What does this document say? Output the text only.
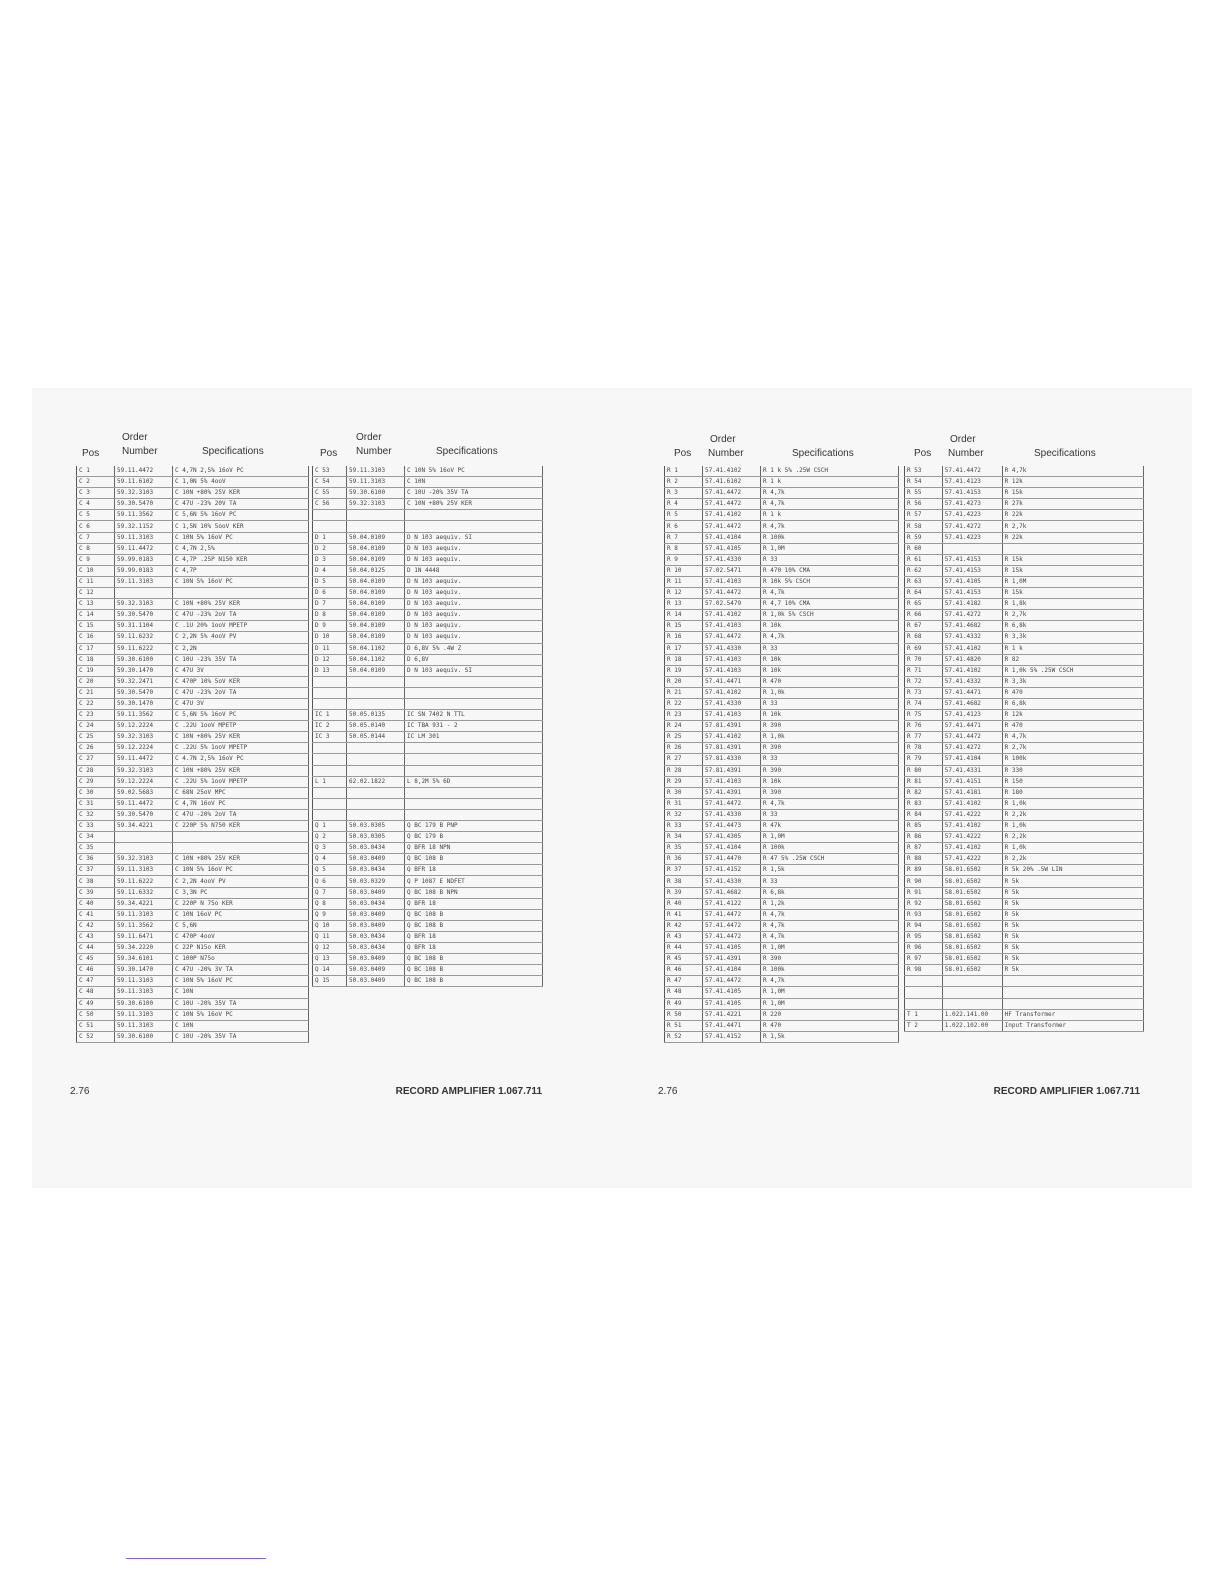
Pos
Order
Number	Specifications	Pos
Order
Number	Specifications
C 1	59.11.4472	C 4,7N 2,5% 16oV PC
C 2	59.11.6102	C 1,0N 5% 4ooV
C 3	59.32.3103	C 10N +80% 25V KER
C 4	59.30.5470	C 47U -23% 20V TA
C 5	59.11.3562	C 5,6N 5% 16oV PC
C 6	59.32.1152	C 1,5N 10% 5ooV KER
C 7	59.11.3103	C 10N 5% 16oV PC
C 8	59.11.4472	C 4,7N 2,5%
C 9	59.99.0183	C 4,7P .25P N150 KER
C 10	59.99.0183	C 4,7P
C 11	59.11.3103	C 10N 5% 16oV PC
C 12		
C 13	59.32.3103	C 10N +80% 25V KER
C 14	59.30.5470	C 47U -23% 2oV TA
C 15	59.31.1104	C .1U 20% 1ooV MPETP
C 16	59.11.6232	C 2,2N 5% 4ooV PV
C 17	59.11.6222	C 2,2N
C 18	59.30.6100	C 10U -23% 35V TA
C 19	59.30.1470	C 47U 3V
C 20	59.32.2471	C 470P 10% 5oV KER
C 21	59.30.5470	C 47U -23% 2oV TA
C 22	59.30.1470	C 47U 3V
C 23	59.11.3562	C 5,6N 5% 16oV PC
C 24	59.12.2224	C .22U 1ooV MPETP
C 25	59.32.3103	C 10N +80% 25V KER
C 26	59.12.2224	C .22U 5% 1ooV MPETP
C 27	59.11.4472	C 4.7N 2,5% 16oV PC
C 28	59.32.3103	C 10N +80% 25V KER
C 29	59.12.2224	C .22U 5% 1ooV MPETP
C 30	59.02.5683	C 68N 25oV MPC
C 31	59.11.4472	C 4,7N 16oV PC
C 32	59.30.5470	C 47U -20% 2oV TA
C 33	59.34.4221	C 220P 5% N750 KER
C 34		
C 35		
C 36	59.32.3103	C 10N +80% 25V KER
C 37	59.11.3103	C 10N 5% 16oV PC
C 38	59.11.6222	C 2,2N 4ooV PV
C 39	59.11.6332	C 3,3N PC
C 40	59.34.4221	C 220P N 75o KER
C 41	59.11.3103	C 10N 16oV PC
C 42	59.11.3562	C 5,6N
C 43	59.11.6471	C 470P 4ooV
C 44	59.34.2220	C 22P N15o KER
C 45	59.34.6101	C 100P N75o
C 46	59.30.1470	C 47U -20% 3V TA
C 47	59.11.3103	C 10N 5% 16oV PC
C 48	59.11.3103	C 10N
C 49	59.30.6100	C 10U -20% 35V TA
C 50	59.11.3103	C 10N 5% 16oV PC
C 51	59.11.3103	C 10N
C 52	59.30.6100	C 10U -20% 35V TA
C 53	59.11.3103	C 10N 5% 16oV PC
C 54	59.11.3103	C 10N
C 55	59.30.6100	C 10U -20% 35V TA
C 56	59.32.3103	C 10N +80% 25V KER

D 1	50.04.0109	D N 103 aequiv. SI
D 2	50.04.0109	D N 103 aequiv.
D 3	50.04.0109	D N 103 aequiv.
D 4	50.04.0125	D 1N 4448
D 5	50.04.0109	D N 103 aequiv.
D 6	50.04.0109	D N 103 aequiv.
D 7	50.04.0109	D N 103 aequiv.
D 8	50.04.0109	D N 103 aequiv.
D 9	50.04.0109	D N 103 aequiv.
D 10	50.04.0109	D N 103 aequiv.
D 11	50.04.1102	D 6,8V 5% .4W Z
D 12	50.04.1102	D 6,8V
D 13	50.04.0109	D N 103 aequiv. SI

IC 1	50.05.0135	IC SN 7402 N TTL
IC 2	50.05.0140	IC TBA 931 - 2
IC 3	50.05.0144	IC LM 301

L 1	62.02.1822	L 8,2M 5% 6D

Q 1	50.03.0305	Q BC 179 B PNP
Q 2	50.03.0305	Q BC 179 B
Q 3	50.03.0434	Q BFR 18 NPN
Q 4	50.03.0409	Q BC 108 B
Q 5	50.03.0434	Q BFR 18
Q 6	50.03.0329	Q P 1087 E NDFET
Q 7	50.03.0409	Q BC 108 B NPN
Q 8	50.03.0434	Q BFR 18
Q 9	50.03.0409	Q BC 108 B
Q 10	50.03.0409	Q BC 108 B
Q 11	50.03.0434	Q BFR 18
Q 12	50.03.0434	Q BFR 18
Q 13	50.03.0409	Q BC 108 B
Q 14	50.03.0409	Q BC 108 B
Q 15	50.03.0409	Q BC 108 B
2.76	RECORD AMPLIFIER 1.067.711
Pos
Order
Number	Specifications	Pos
Order
Number	Specifications
R 1	57.41.4102	R 1 k 5% .25W CSCH
R 2	57.41.6102	R 1 k
R 3	57.41.4472	R 4,7k
R 4	57.41.4472	R 4,7k
R 5	57.41.4102	R 1 k
R 6	57.41.4472	R 4,7k
R 7	57.41.4104	R 100k
R 8	57.41.4105	R 1,0M
R 9	57.41.4330	R 33
R 10	57.02.5471	R 470 10% CMA
R 11	57.41.4103	R 10k 5% CSCH
R 12	57.41.4472	R 4,7k
R 13	57.02.5479	R 4,7 10% CMA
R 14	57.41.4102	R 1,0k 5% CSCH
R 15	57.41.4103	R 10k
R 16	57.41.4472	R 4,7k
R 17	57.41.4330	R 33
R 18	57.41.4103	R 10k
R 19	57.41.4103	R 10k
R 20	57.41.4471	R 470
R 21	57.41.4102	R 1,0k
R 22	57.41.4330	R 33
R 23	57.41.4103	R 10k
R 24	57.81.4391	R 390
R 25	57.41.4102	R 1,0k
R 26	57.81.4391	R 390
R 27	57.81.4330	R 33
R 28	57.81.4391	R 390
R 29	57.41.4103	R 10k
R 30	57.41.4391	R 390
R 31	57.41.4472	R 4,7k
R 32	57.41.4330	R 33
R 33	57.41.4473	R 47k
R 34	57.41.4305	R 1,0M
R 35	57.41.4104	R 100k
R 36	57.41.4470	R 47 5% .25W CSCH
R 37	57.41.4152	R 1,5k
R 38	57.41.4330	R 33
R 39	57.41.4682	R 6,8k
R 40	57.41.4122	R 1,2k
R 41	57.41.4472	R 4,7k
R 42	57.41.4472	R 4,7k
R 43	57.41.4472	R 4,7k
R 44	57.41.4105	R 1,0M
R 45	57.41.4391	R 390
R 46	57.41.4104	R 100k
R 47	57.41.4472	R 4,7k
R 48	57.41.4105	R 1,0M
R 49	57.41.4105	R 1,0M
R 50	57.41.4221	R 220
R 51	57.41.4471	R 470
R 52	57.41.4152	R 1,5k
R 53	57.41.4472	R 4,7k
R 54	57.41.4123	R 12k
R 55	57.41.4153	R 15k
R 56	57.41.4273	R 27k
R 57	57.41.4223	R 22k
R 58	57.41.4272	R 2,7k
R 59	57.41.4223	R 22k
R 60		
R 61	57.41.4153	R 15k
R 62	57.41.4153	R 15k
R 63	57.41.4105	R 1,0M
R 64	57.41.4153	R 15k
R 65	57.41.4182	R 1,8k
R 66	57.41.4272	R 2,7k
R 67	57.41.4682	R 6,8k
R 68	57.41.4332	R 3,3k
R 69	57.41.4102	R 1 k
R 70	57.41.4820	R 82
R 71	57.41.4102	R 1,0k 5% .25W CSCH
R 72	57.41.4332	R 3,3k
R 73	57.41.4471	R 470
R 74	57.41.4682	R 6,8k
R 75	57.41.4123	R 12k
R 76	57.41.4471	R 470
R 77	57.41.4472	R 4,7k
R 78	57.41.4272	R 2,7k
R 79	57.41.4104	R 100k
R 80	57.41.4331	R 330
R 81	57.41.4151	R 150
R 82	57.41.4181	R 180
R 83	57.41.4102	R 1,0k
R 84	57.41.4222	R 2,2k
R 85	57.41.4102	R 1,0k
R 86	57.41.4222	R 2,2k
R 87	57.41.4102	R 1,0k
R 88	57.41.4222	R 2,2k
R 89	58.01.6502	R 5k 20% .5W LIN
R 90	58.01.6502	R 5k
R 91	58.01.6502	R 5k
R 92	58.01.6502	R 5k
R 93	58.01.6502	R 5k
R 94	58.01.6502	R 5k
R 95	58.01.6502	R 5k
R 96	58.01.6502	R 5k
R 97	58.01.6502	R 5k
R 98	58.01.6502	R 5k

T 1	1.022.141.00	HF Transformer
T 2	1.022.102.00	Input Transformer
2.76	RECORD AMPLIFIER 1.067.711
